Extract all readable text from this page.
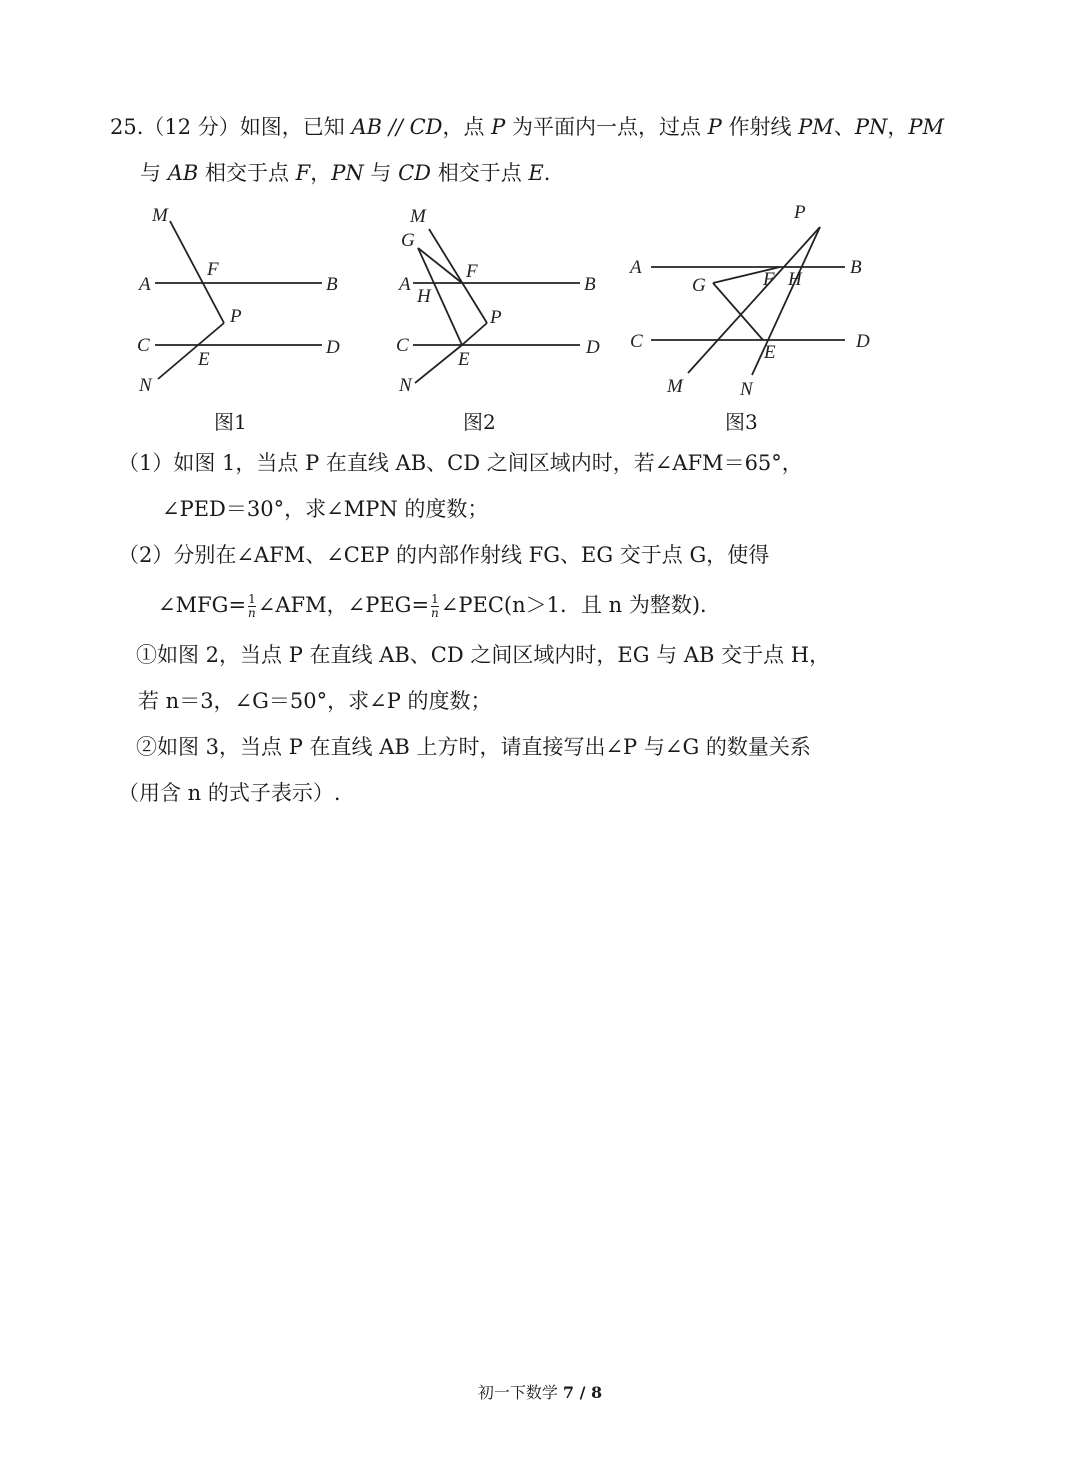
25.（12 分）如图，已知 AB // CD，点 P 为平面内一点，过点 P 作射线 PM、PN，PM
与 AB 相交于点 F，PN 与 CD 相交于点 E.
M
A
F
B
P
C
E
D
N
M
G
A
H
F
B
P
C
E
D
N
P
A
G	F H
B
C
E
D
M	N
图1	图2	图3
（1）如图 1，当点 P 在直线 AB、CD 之间区域内时，若∠AFM＝65°，
∠PED＝30°，求∠MPN 的度数；
（2）分别在∠AFM、∠CEP 的内部作射线 FG、EG 交于点 G，使得
∠MFG= $\frac{1}{n}$ ∠AFM，∠PEG= $\frac{1}{n}$ ∠PEC(n＞1．且 n 为整数)．
①如图 2，当点 P 在直线 AB、CD 之间区域内时，EG 与 AB 交于点 H，
若 n＝3，∠G＝50°，求∠P 的度数；
②如图 3，当点 P 在直线 AB 上方时，请直接写出∠P 与∠G 的数量关系
（用含 n 的式子表示）.
初一下数学 7 / 8
